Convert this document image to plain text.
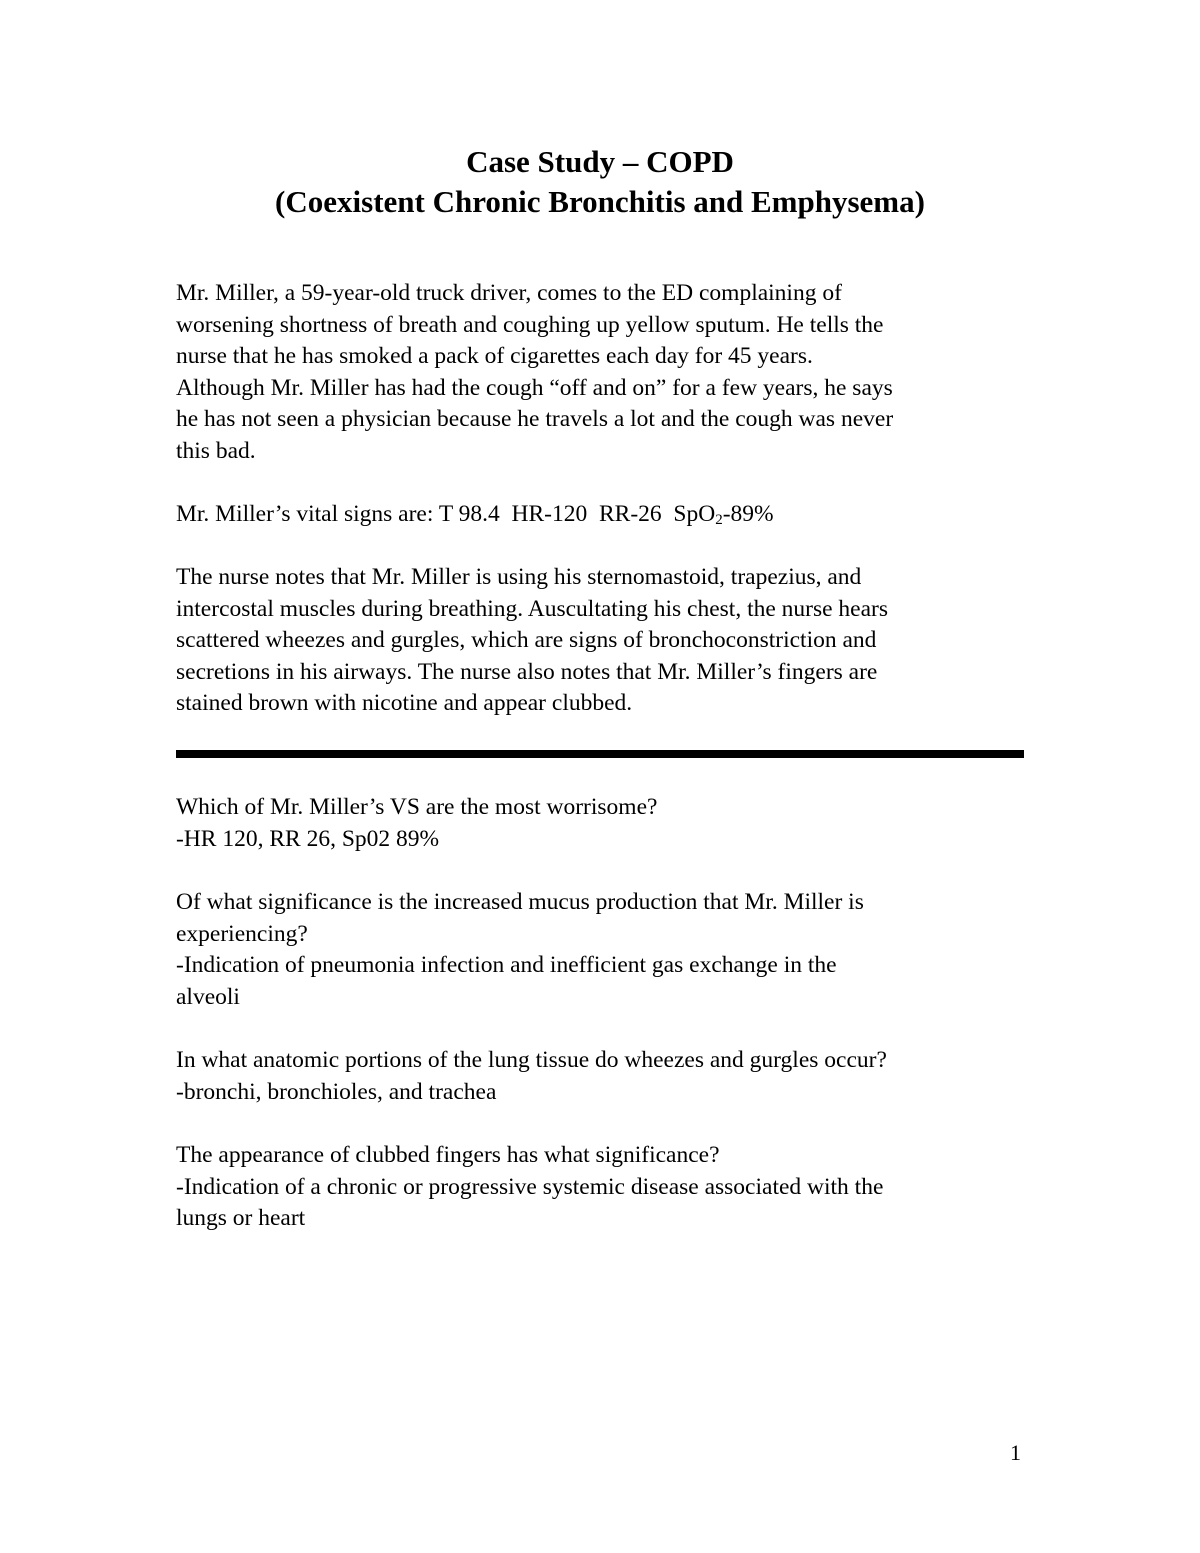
Case Study – COPD
(Coexistent Chronic Bronchitis and Emphysema)
Mr. Miller, a 59-year-old truck driver, comes to the ED complaining of
worsening shortness of breath and coughing up yellow sputum. He tells the
nurse that he has smoked a pack of cigarettes each day for 45 years.
Although Mr. Miller has had the cough “off and on” for a few years, he says
he has not seen a physician because he travels a lot and the cough was never
this bad.
Mr. Miller’s vital signs are: T 98.4  HR-120  RR-26  SpO$_2$-89%
The nurse notes that Mr. Miller is using his sternomastoid, trapezius, and
intercostal muscles during breathing. Auscultating his chest, the nurse hears
scattered wheezes and gurgles, which are signs of bronchoconstriction and
secretions in his airways. The nurse also notes that Mr. Miller’s fingers are
stained brown with nicotine and appear clubbed.
Which of Mr. Miller’s VS are the most worrisome?
-HR 120, RR 26, Sp02 89%
Of what significance is the increased mucus production that Mr. Miller is
experiencing?
-Indication of pneumonia infection and inefficient gas exchange in the
alveoli
In what anatomic portions of the lung tissue do wheezes and gurgles occur?
-bronchi, bronchioles, and trachea
The appearance of clubbed fingers has what significance?
-Indication of a chronic or progressive systemic disease associated with the
lungs or heart
1
